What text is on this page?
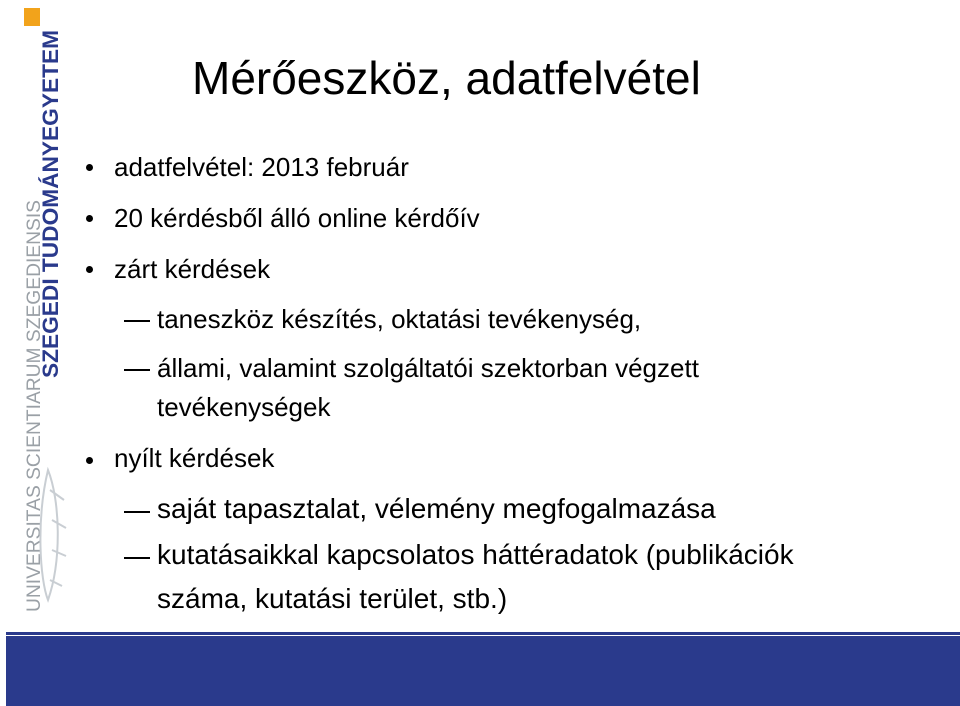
SZEGEDI TUDOMÁNYEGYETEM
UNIVERSITAS SCIENTIARUM SZEGEDIENSIS
Mérőeszköz, adatfelvétel
adatfelvétel: 2013 február
20 kérdésből álló online kérdőív
zárt kérdések
taneszköz készítés, oktatási tevékenység,
állami, valamint szolgáltatói szektorban végzett
tevékenységek
nyílt kérdések
saját tapasztalat, vélemény megfogalmazása
kutatásaikkal kapcsolatos háttéradatok (publikációk
száma, kutatási terület, stb.)
